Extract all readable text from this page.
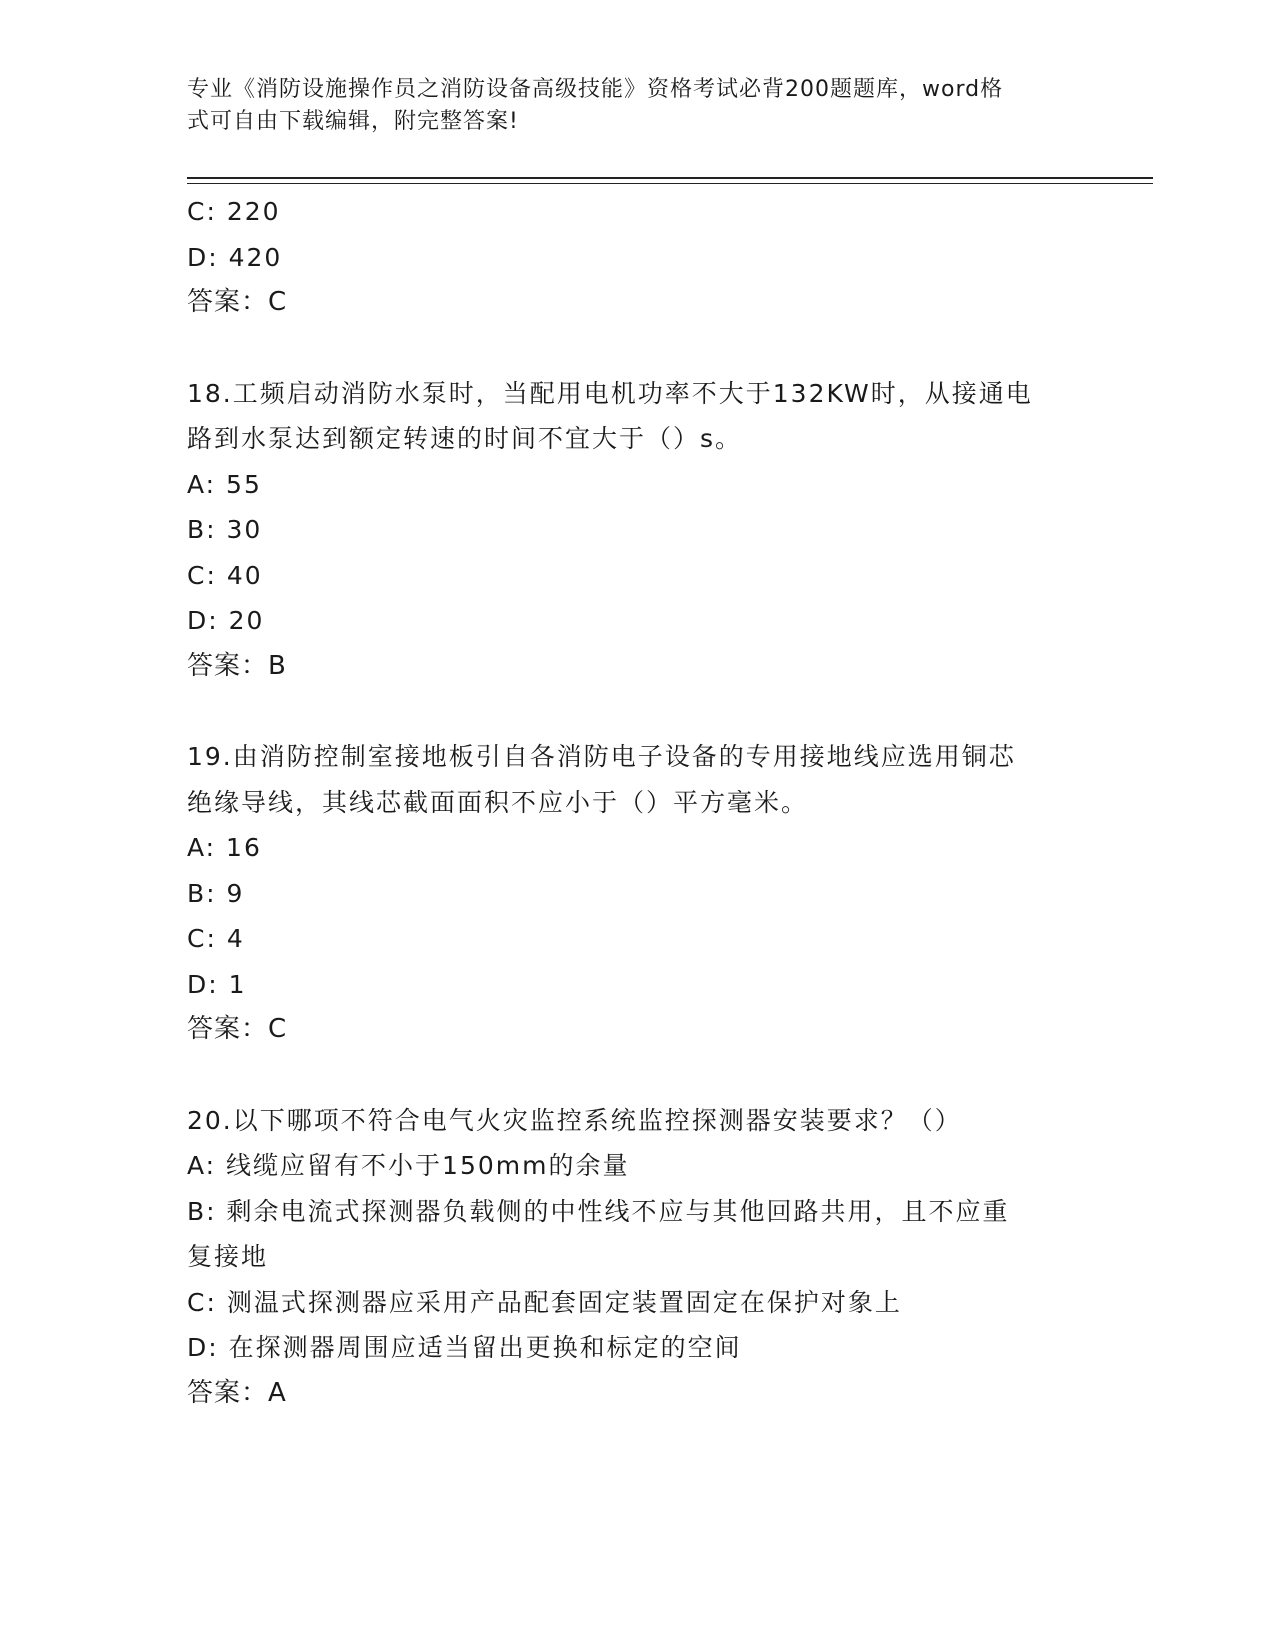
专业《消防设施操作员之消防设备高级技能》资格考试必背200题题库，word格
式可自由下载编辑，附完整答案!
C: 220
D: 420
答案：C
18.工频启动消防水泵时，当配用电机功率不大于132KW时，从接通电
路到水泵达到额定转速的时间不宜大于（）s。
A: 55
B: 30
C: 40
D: 20
答案：B
19.由消防控制室接地板引自各消防电子设备的专用接地线应选用铜芯
绝缘导线，其线芯截面面积不应小于（）平方毫米。
A: 16
B: 9
C: 4
D: 1
答案：C
20.以下哪项不符合电气火灾监控系统监控探测器安装要求？（）
A: 线缆应留有不小于150mm的余量
B: 剩余电流式探测器负载侧的中性线不应与其他回路共用，且不应重
复接地
C: 测温式探测器应采用产品配套固定装置固定在保护对象上
D: 在探测器周围应适当留出更换和标定的空间
答案：A
